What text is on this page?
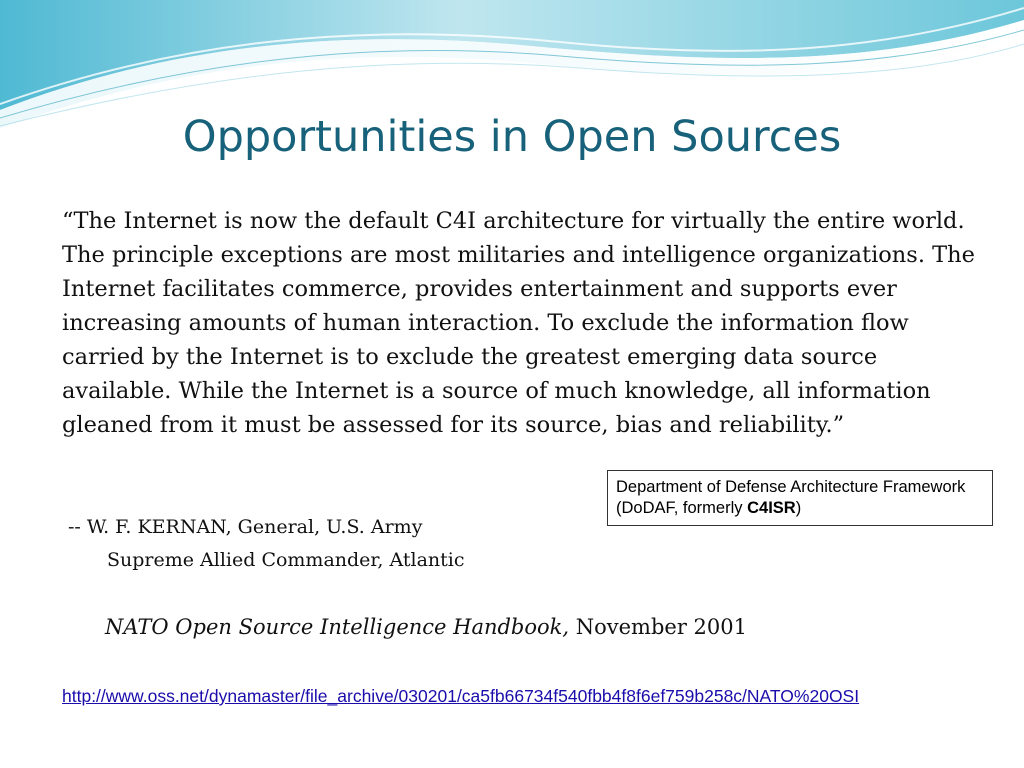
Opportunities in Open Sources

“The Internet is now the default C4I architecture for virtually the entire world. The principle exceptions are most militaries and intelligence organizations. The Internet facilitates commerce, provides entertainment and supports ever increasing amounts of human interaction. To exclude the information flow carried by the Internet is to exclude the greatest emerging data source available. While the Internet is a source of much knowledge, all information gleaned from it must be assessed for its source, bias and reliability.”

-- W. F. KERNAN, General, U.S. Army

Supreme Allied Commander, Atlantic

NATO Open Source Intelligence Handbook, November 2001
http://www.oss.net/dynamaster/file_archive/030201/ca5fb66734f540fbb4f8f6ef759b258c/NATO%20OSI
Department of Defense Architecture Framework (DoDAF, formerly C4ISR)
